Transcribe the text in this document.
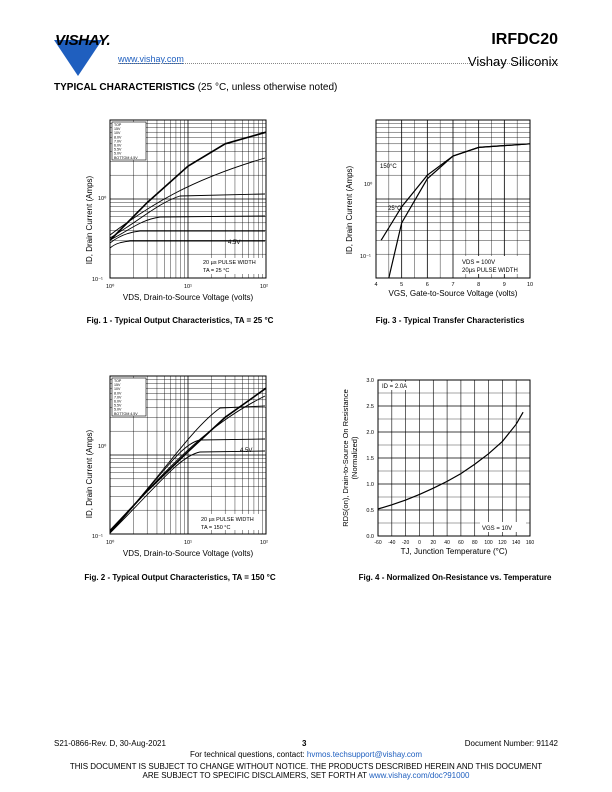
VISHAY.
www.vishay.com
IRFDC20
Vishay Siliconix
TYPICAL CHARACTERISTICS (25 °C, unless otherwise noted)
TOP
15V
10V
8.0V
7.0V
6.0V
5.5V
5.0V
BOTTOM 4.5V
4.5V
20 µs PULSE WIDTH
TA = 25 °C
10⁻¹
10⁰
10⁰	10¹	10²
VDS, Drain-to-Source Voltage (volts)
ID, Drain Current (Amps)
Fig. 1 - Typical Output Characteristics, TA = 25 °C
150°C
25°C
VDS = 100V
20µs PULSE WIDTH
10⁻¹
10⁰
4	5	6	7	8	9	10
VGS, Gate-to-Source Voltage (volts)
ID, Drain Current (Amps)
Fig. 3 - Typical Transfer Characteristics
TOP
15V
10V
8.0V
7.0V
6.0V
5.5V
5.0V
BOTTOM 4.5V
4.5V
20 µs PULSE WIDTH
TA = 150 °C
10⁻¹
10⁰
10⁰	10¹	10²
VDS, Drain-to-Source Voltage (volts)
ID, Drain Current (Amps)
Fig. 2 - Typical Output Characteristics, TA = 150 °C
ID = 2.0A
VGS = 10V
0.0
0.5
1.0
1.5
2.0
2.5
3.0
-60 -40 -20 0 20 40 60 80 100 120 140 160
TJ, Junction Temperature (°C)
RDS(on), Drain-to-Source On Resistance (Normalized)
Fig. 4 - Normalized On-Resistance vs. Temperature
S21-0866-Rev. D, 30-Aug-2021	3	Document Number: 91142
For technical questions, contact: hvmos.techsupport@vishay.com
THIS DOCUMENT IS SUBJECT TO CHANGE WITHOUT NOTICE. THE PRODUCTS DESCRIBED HEREIN AND THIS DOCUMENT
ARE SUBJECT TO SPECIFIC DISCLAIMERS, SET FORTH AT www.vishay.com/doc?91000
